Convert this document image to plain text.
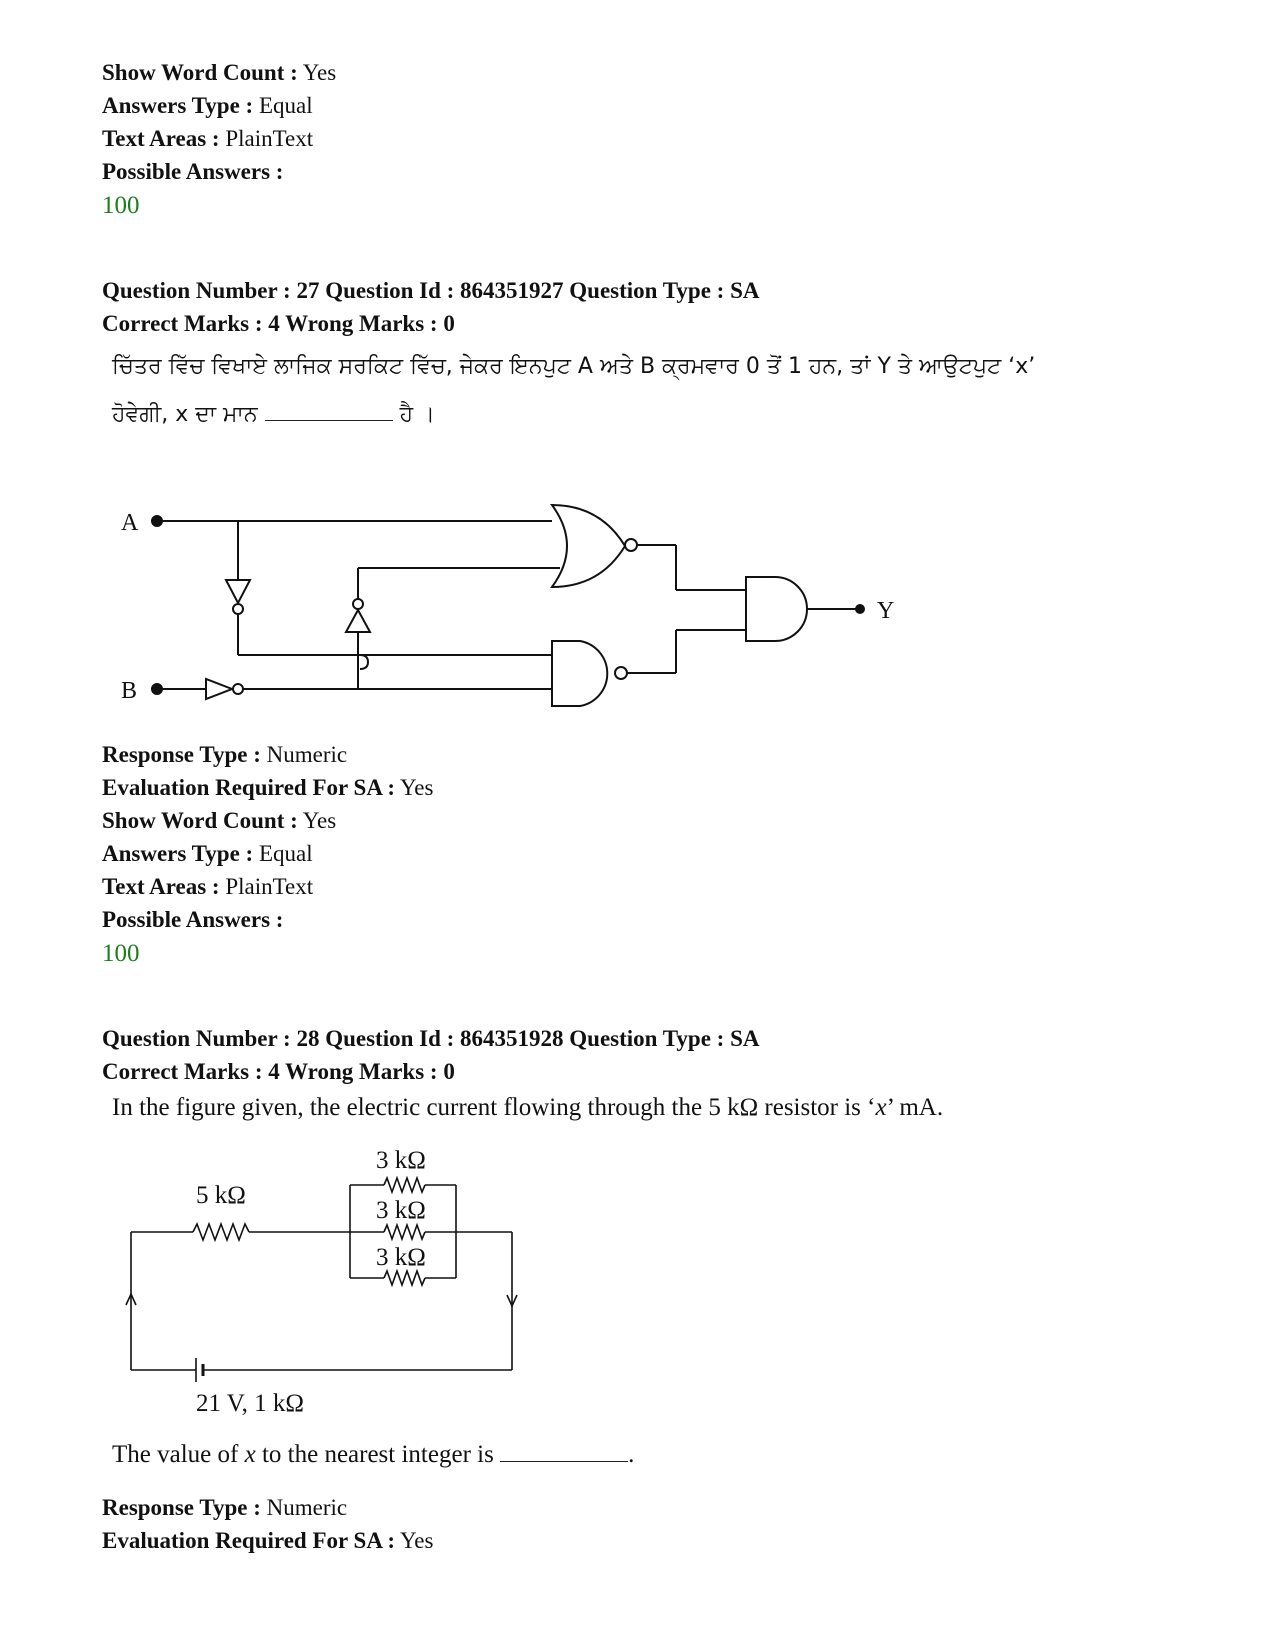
Show Word Count : Yes
Answers Type : Equal
Text Areas : PlainText
Possible Answers :
100
Question Number : 27 Question Id : 864351927 Question Type : SA
Correct Marks : 4 Wrong Marks : 0
ਚਿੱਤਰ ਵਿੱਚ ਵਿਖਾਏ ਲਾਜਿਕ ਸਰਕਿਟ ਵਿੱਚ, ਜੇਕਰ ਇਨਪੁਟ A ਅਤੇ B ਕ੍ਰਮਵਾਰ 0 ਤੋਂ 1 ਹਨ, ਤਾਂ Y ਤੇ ਆਉਟਪੁਟ ‘x’
ਹੋਵੇਗੀ, x ਦਾ ਮਾਨ	ਹੈ ।
A
B
Y
Response Type : Numeric
Evaluation Required For SA : Yes
Show Word Count : Yes
Answers Type : Equal
Text Areas : PlainText
Possible Answers :
100
Question Number : 28 Question Id : 864351928 Question Type : SA
Correct Marks : 4 Wrong Marks : 0
In the figure given, the electric current flowing through the 5 kΩ resistor is ‘x’ mA.
5 kΩ
3 kΩ
3 kΩ
3 kΩ
21 V, 1 kΩ
The value of x to the nearest integer is	.
Response Type : Numeric
Evaluation Required For SA : Yes
